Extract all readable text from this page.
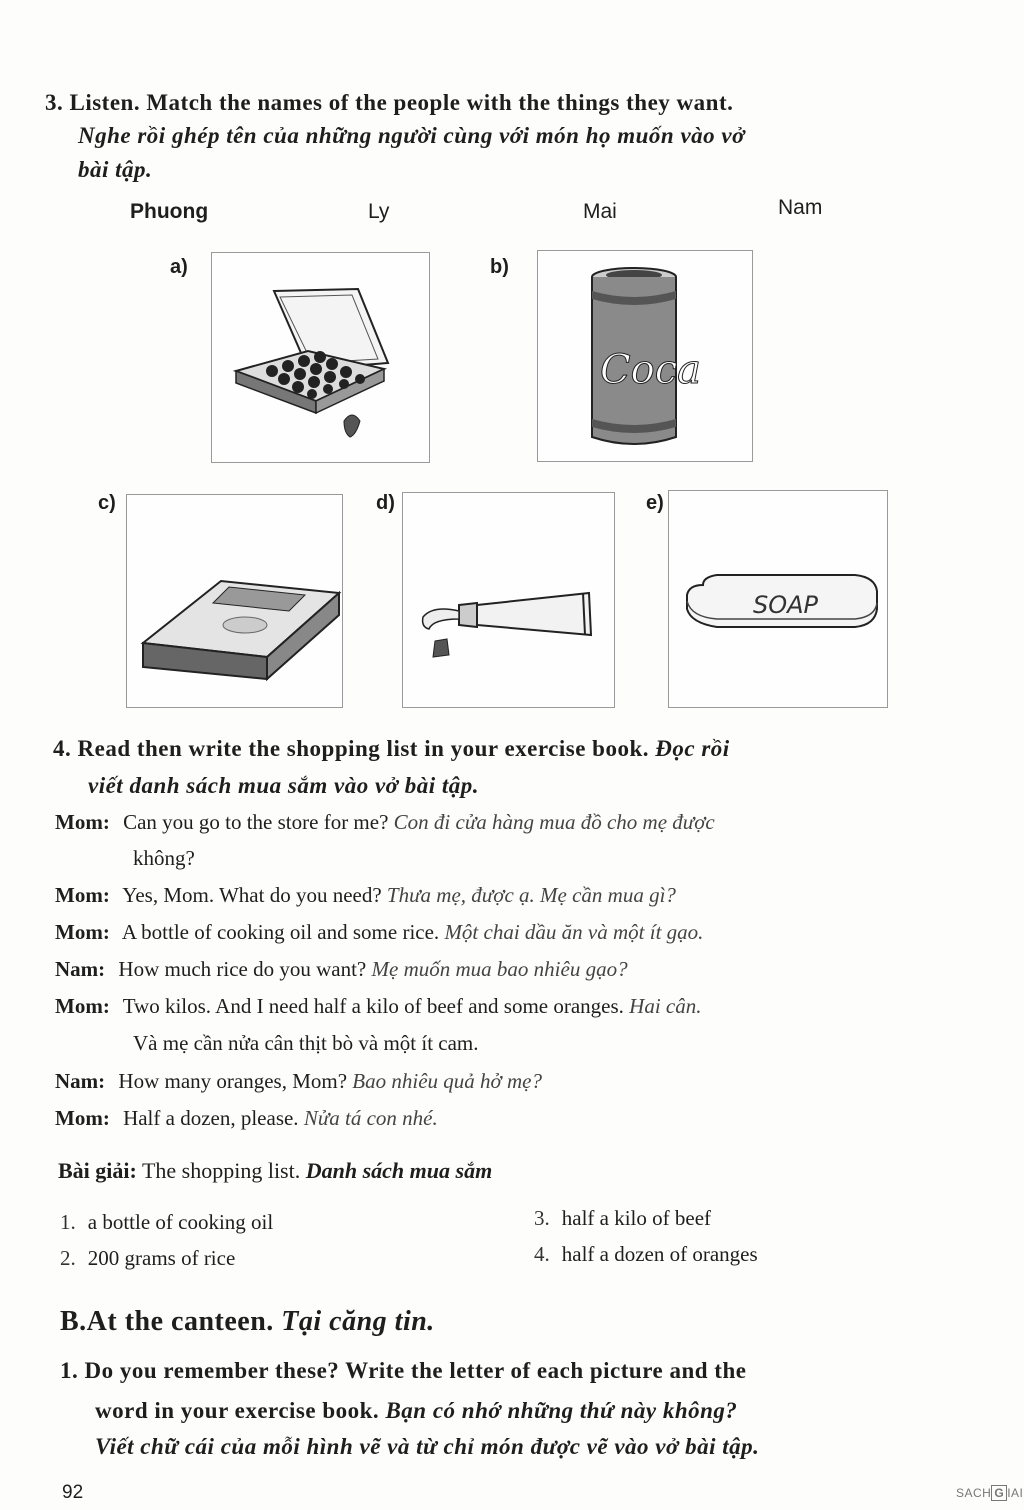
3. Listen. Match the names of the people with the things they want.
Nghe rồi ghép tên của những người cùng với món họ muốn vào vở
bài tập.
Phuong	Ly	Mai	Nam
a)	b)
Coca
c)	d)	e)
SOAP
4. Read then write the shopping list in your exercise book. Đọc rồi
viết danh sách mua sắm vào vở bài tập.
Mom: Can you go to the store for me? Con đi cửa hàng mua đồ cho mẹ được
không?
Mom: Yes, Mom. What do you need? Thưa mẹ, được ạ. Mẹ cần mua gì?
Mom: A bottle of cooking oil and some rice. Một chai dầu ăn và một ít gạo.
Nam: How much rice do you want? Mẹ muốn mua bao nhiêu gạo?
Mom: Two kilos. And I need half a kilo of beef and some oranges. Hai cân.
Và mẹ cần nửa cân thịt bò và một ít cam.
Nam: How many oranges, Mom? Bao nhiêu quả hở mẹ?
Mom: Half a dozen, please. Nửa tá con nhé.
Bài giải: The shopping list. Danh sách mua sắm
1. a bottle of cooking oil
2. 200 grams of rice
3. half a kilo of beef
4. half a dozen of oranges
B.At the canteen. Tại căng tin.
1. Do you remember these? Write the letter of each picture and the
word in your exercise book. Bạn có nhớ những thứ này không?
Viết chữ cái của mỗi hình vẽ và từ chỉ món được vẽ vào vở bài tập.
92	SACH G IAI
